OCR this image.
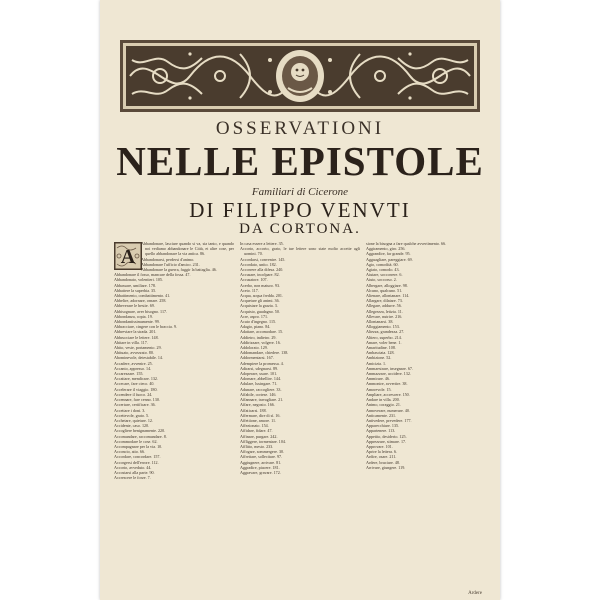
OSSERVATIONI
NELLE EPISTOLE
Familiari di Cicerone
DI FILIPPO VENVTI
DA CORTONA.
A

Abbandonare, lasciare quando si va, sia tanto, e quando noi vediamo abbandonare le Città, et altre cose, per quello abbandonare la via antica. 86.

Abbandonarsi, perdersi d'animo.

Abbandonare l'ufficio d'amico. 231.

Abbandonare la guerra, fuggir la battaglia. 46.

Abbandonare il fosso, mancare della fossa. 47.

Abbandonato, volentieri. 105.

Abbassare, umiliare. 178.

Abbattere la superbia. 35.

Abbattimento, combattimento. 41.

Abbelire, adornare, ornare. 258.

Abbeverare le bestie. 69.

Abbisognare, aver bisogno. 117.

Abbondanza, copia. 19.

Abbondantissimamente. 99.

Abbracciare, cingere con le braccia. 9.

Abbreviare la strada. 201.

Abbrucciare le lettere. 148.

Abitare in villa. 117.

Abito, veste, portamento. 29.

Abituato, avvezzato. 80.

Abominevole, detestabile. 14.

Accadere, avvenire. 25.

Accanto, appresso. 14.

Accarezzare. 155.

Accattare, mendicare. 132.

Accecare, fare cieco. 40.

Accelerare il viaggio. 180.

Accendere il fuoco. 24.

Accennare, fare cenno. 130.

Accertare, certificare. 36.

Accettare i doni. 3.

Accettevole, grato. 5.

Acchetare, quietare. 12.

Accidente, caso. 120.

Accogliere benignamente. 220.

Accomandare, raccomandare. 8.

Accommodare le cose. 62.

Accompagnare per la via. 10.

Acconcio, atto. 66.

Accordare, concordare. 157.

Accorgersi dell'errore. 112.

Accorto, avveduto. 44.

Accostarsi alla parte. 90.

Accrescere le forze. 7.

In casa essere a lettere. 35.

Accorto, accorto, grato, le tue lettere sono state molto accette agli uomini. 70.

Accordarsi, convenire. 145.

Accordato, unito. 182.

Accorrere alla difesa. 240.

Accusare, incolpare. 82.

Accusatore. 107.

Acerbo, non maturo. 93.

Aceto. 117.

Acqua, acqua fredda. 201.

Acquetare gli animi. 36.

Acquistare la grazia. 3.

Acquisto, guadagno. 50.

Acre, aspro. 171.

Acuto d'ingegno. 115.

Adagio, piano. 84.

Adattare, accomodare. 15.

Addietro, indietro. 29.

Addirizzare, volgere. 16.

Addolorato. 129.

Addomandare, chiedere. 138.

Addormentarsi. 167.

Adempiere la promessa. 4.

Adirarsi, sdegnarsi. 89.

Adoperare, usare. 101.

Adornare, abbellire. 144.

Adulare, lusingare. 71.

Adunare, raccogliere. 33.

Affabile, cortese. 146.

Affannare, travagliare. 21.

Affare, negozio. 166.

Affaticarsi. 188.

Affermare, dire di sì. 16.

Affettione, amore. 11.

Affezionato. 154.

Affidare, fidare. 47.

Affinare, purgare. 242.

Affliggere, tormentare. 104.

Afflitto, mesto. 233.

Affogare, sommergere. 30.

Affrettare, sollecitare. 97.

Aggiugnere, arrivare. 81.

Aggradire, piacere. 181.

Aggravare, gravare. 172.

sione la bisogna a fare qualche avvertimento. 66.

Aggiramento, giro. 256.

Aggrandire, far grande. 95.

Agguagliare, pareggiare. 69.

Agio, comodità. 60.

Agiato, comodo. 43.

Aiutare, soccorrere. 6.

Aiuto, soccorso. 2.

Albergare, alloggiare. 98.

Alcuno, qualcuno. 51.

Alienare, allontanare. 114.

Allargare, dilatare. 73.

Allegare, addurre. 56.

Allegrezza, letizia. 11.

Allevare, nutrire. 216.

Allontanarsi. 38.

Alloggiamento. 153.

Altezza, grandezza. 27.

Altiero, superbo. 214.

Amare, voler bene. 1.

Amaritudine. 108.

Ambasciata. 128.

Ambizione. 52.

Amicizia. 1.

Ammaestrare, insegnare. 67.

Ammazzare, uccidere. 132.

Ammirare. 46.

Ammonire, avvertire. 38.

Amorevole. 15.

Ampliare, accrescere. 150.

Andare in villa. 200.

Animo, coraggio. 21.

Annoverare, numerare. 40.

Anticamente. 231.

Antivedere, prevedere. 177.

Apparecchiare. 135.

Appartenere. 113.

Appetito, desiderio. 125.

Apprezzare, stimare. 17.

Approvare. 101.

Aprire la lettera. 6.

Ardire, osare. 211.

Ardere, bruciare. 48.

Arrivare, giungere. 119.

Ardere
